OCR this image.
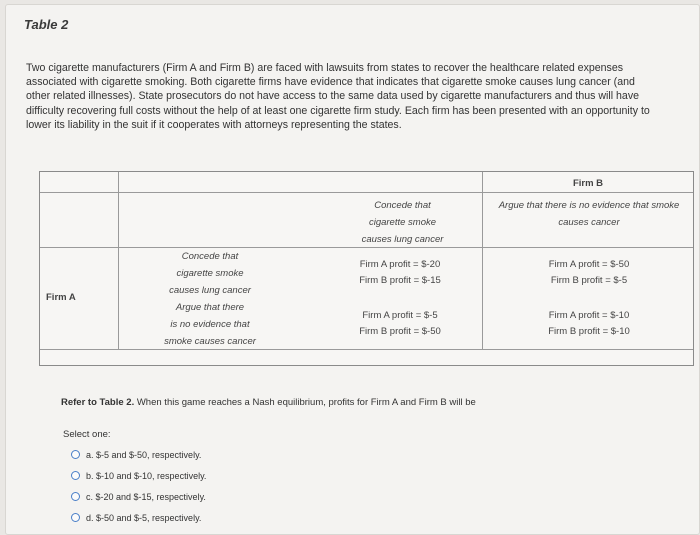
Table 2

Two cigarette manufacturers (Firm A and Firm B) are faced with lawsuits from states to recover the healthcare related expenses

associated with cigarette smoking. Both cigarette firms have evidence that indicates that cigarette smoke causes lung cancer (and

other related illnesses). State prosecutors do not have access to the same data used by cigarette manufacturers and thus will have

difficulty recovering full costs without the help of at least one cigarette firm study. Each firm has been presented with an opportunity to

lower its liability in the suit if it cooperates with attorneys representing the states.

Firm B
Firm A
Concede that
cigarette smoke
causes lung cancer
Argue that there is no evidence that smoke
causes cancer
Concede that
cigarette smoke
causes lung cancer
Argue that there
is no evidence that
smoke causes cancer
Firm A profit = $-20
Firm B profit = $-15
Firm A profit = $-50
Firm B profit = $-5
Firm A profit = $-5
Firm B profit = $-50
Firm A profit = $-10
Firm B profit = $-10
Refer to Table 2. When this game reaches a Nash equilibrium, profits for Firm A and Firm B will be
Select one:
a. $-5 and $-50, respectively.
b. $-10 and $-10, respectively.
c. $-20 and $-15, respectively.
d. $-50 and $-5, respectively.
